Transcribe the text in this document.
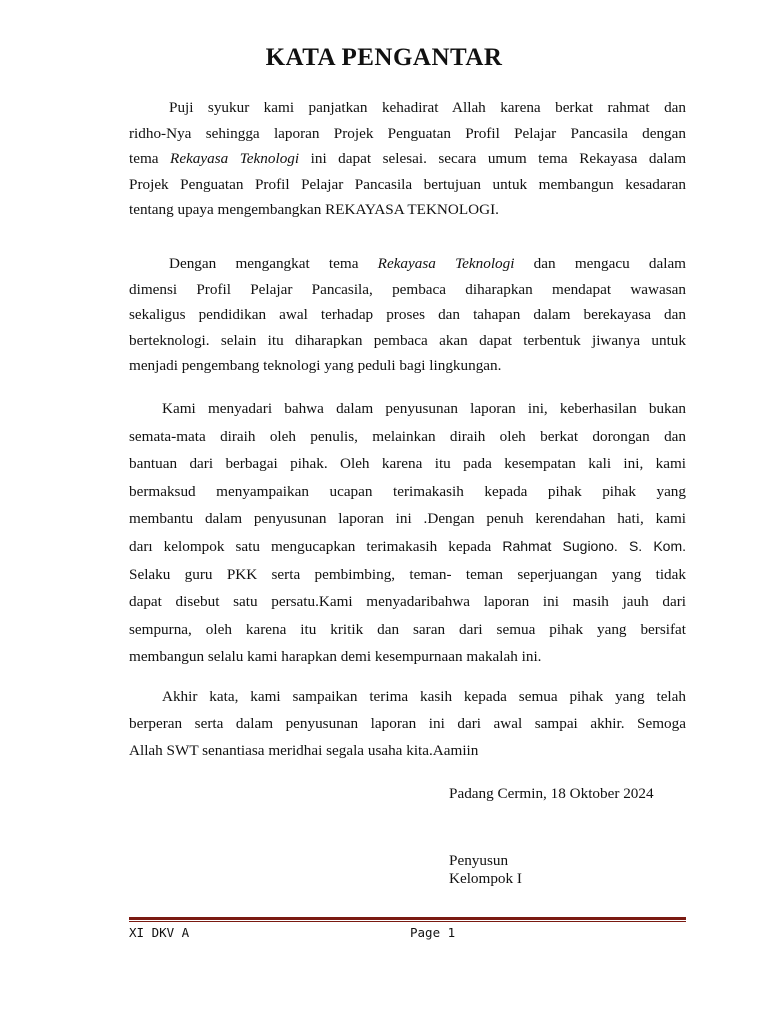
KATA PENGANTAR

Puji syukur kami panjatkan kehadirat Allah karena berkat rahmat dan
ridho-Nya sehingga laporan Projek Penguatan Profil Pelajar Pancasila dengan
tema Rekayasa Teknologi ini dapat selesai. secara umum tema Rekayasa dalam
Projek Penguatan Profil Pelajar Pancasila bertujuan untuk membangun kesadaran
tentang upaya mengembangkan REKAYASA TEKNOLOGI.

Dengan mengangkat tema Rekayasa Teknologi dan mengacu dalam
dimensi Profil Pelajar Pancasila, pembaca diharapkan mendapat wawasan
sekaligus pendidikan awal terhadap proses dan tahapan dalam berekayasa dan
berteknologi. selain itu diharapkan pembaca akan dapat terbentuk jiwanya untuk
menjadi pengembang teknologi yang peduli bagi lingkungan.

Kami menyadari bahwa dalam penyusunan laporan ini, keberhasilan bukan
semata-mata diraih oleh penulis, melainkan diraih oleh berkat dorongan dan
bantuan dari berbagai pihak. Oleh karena itu pada kesempatan kali ini, kami
bermaksud menyampaikan ucapan terimakasih kepada pihak pihak yang
membantu dalam penyusunan laporan ini .Dengan penuh kerendahan hati, kami
darı kelompok satu mengucapkan terimakasih kepada Rahmat Sugiono. S. Kom.
Selaku guru PKK serta pembimbing, teman- teman seperjuangan yang tidak
dapat disebut satu persatu.Kami menyadaribahwa laporan ini masih jauh dari
sempurna, oleh karena itu kritik dan saran dari semua pihak yang bersifat
membangun selalu kami harapkan demi kesempurnaan makalah ini.

Akhir kata, kami sampaikan terima kasih kepada semua pihak yang telah
berperan serta dalam penyusunan laporan ini dari awal sampai akhir. Semoga
Allah SWT senantiasa meridhai segala usaha kita.Aamiin

Padang Cermin, 18 Oktober 2024

Penyusun
Kelompok I

XI DKV A	Page 1
